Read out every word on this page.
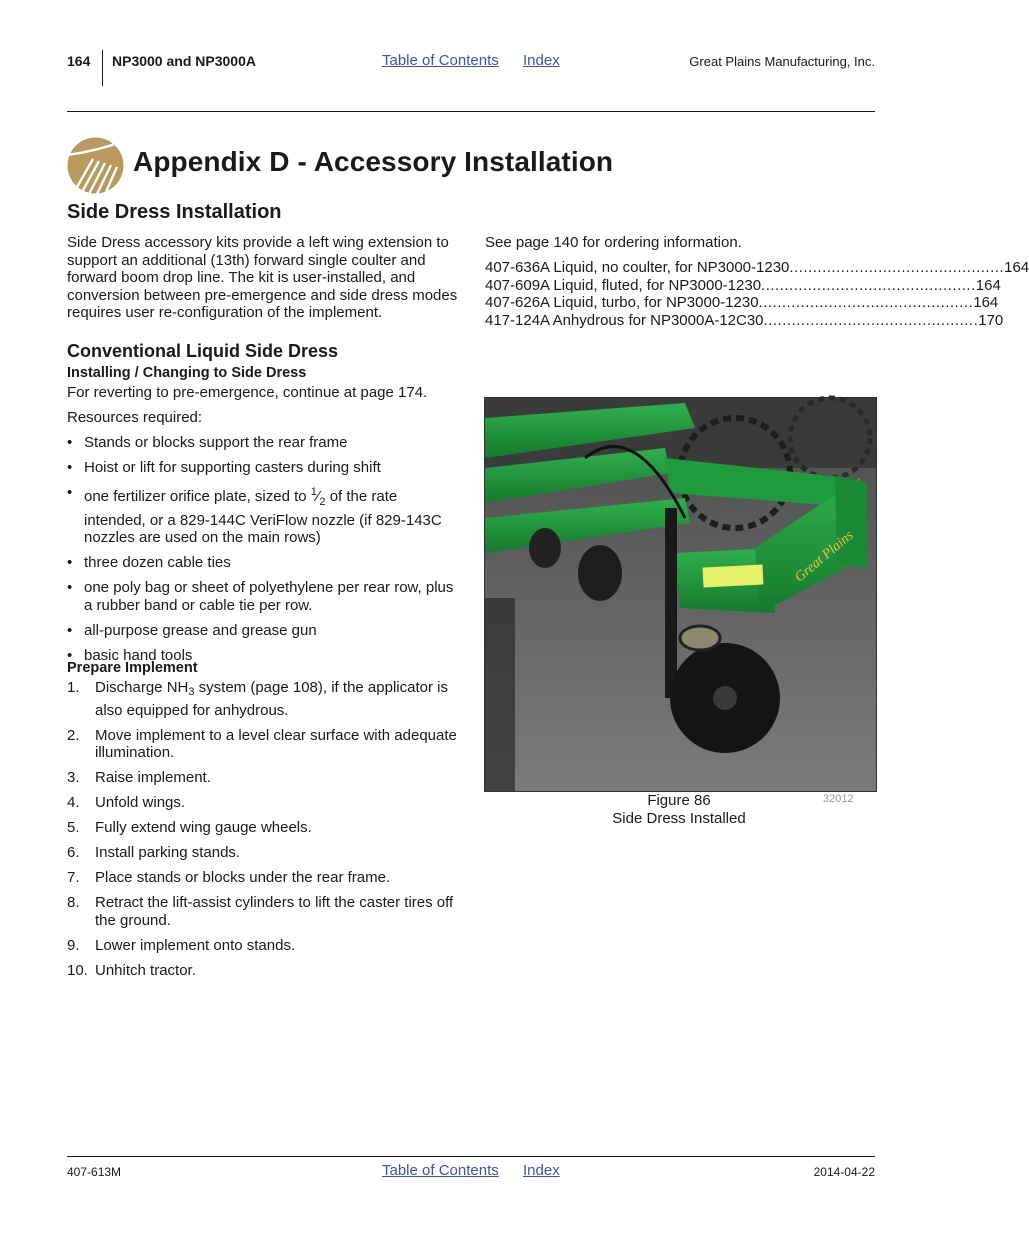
164 NP3000 and NP3000A	Table of Contents Index	Great Plains Manufacturing, Inc.
Appendix D - Accessory Installation
Side Dress Installation
Side Dress accessory kits provide a left wing extension to support an additional (13th) forward single coulter and forward boom drop line. The kit is user-installed, and conversion between pre-emergence and side dress modes requires user re-configuration of the implement.
Conventional Liquid Side Dress
Installing / Changing to Side Dress
For reverting to pre-emergence, continue at page 174.
Resources required:
• Stands or blocks support the rear frame
• Hoist or lift for supporting casters during shift
• one fertilizer orifice plate, sized to $^1⁄_2$ of the rate intended, or a 829-144C VeriFlow nozzle (if 829-143C nozzles are used on the main rows)
• three dozen cable ties
• one poly bag or sheet of polyethylene per rear row, plus a rubber band or cable tie per row.
• all-purpose grease and grease gun
• basic hand tools
Prepare Implement
1. Discharge $NH_3$ system (page 108), if the applicator is also equipped for anhydrous.
2. Move implement to a level clear surface with adequate illumination.
3. Raise implement.
4. Unfold wings.
5. Fully extend wing gauge wheels.
6. Install parking stands.
7. Place stands or blocks under the rear frame.
8. Retract the lift-assist cylinders to lift the caster tires off the ground.
9. Lower implement onto stands.
10. Unhitch tractor.
See page 140 for ordering information.
407-636A Liquid, no coulter, for NP3000-1230 .............................................. 164
407-609A Liquid, fluted, for NP3000-1230 .............................................. 164
407-626A Liquid, turbo, for NP3000-1230 .............................................. 164
417-124A Anhydrous for NP3000A-12C30 .............................................. 170
Great Plains
Figure 86
Side Dress Installed
32012
407-613M	Table of Contents Index	2014-04-22
